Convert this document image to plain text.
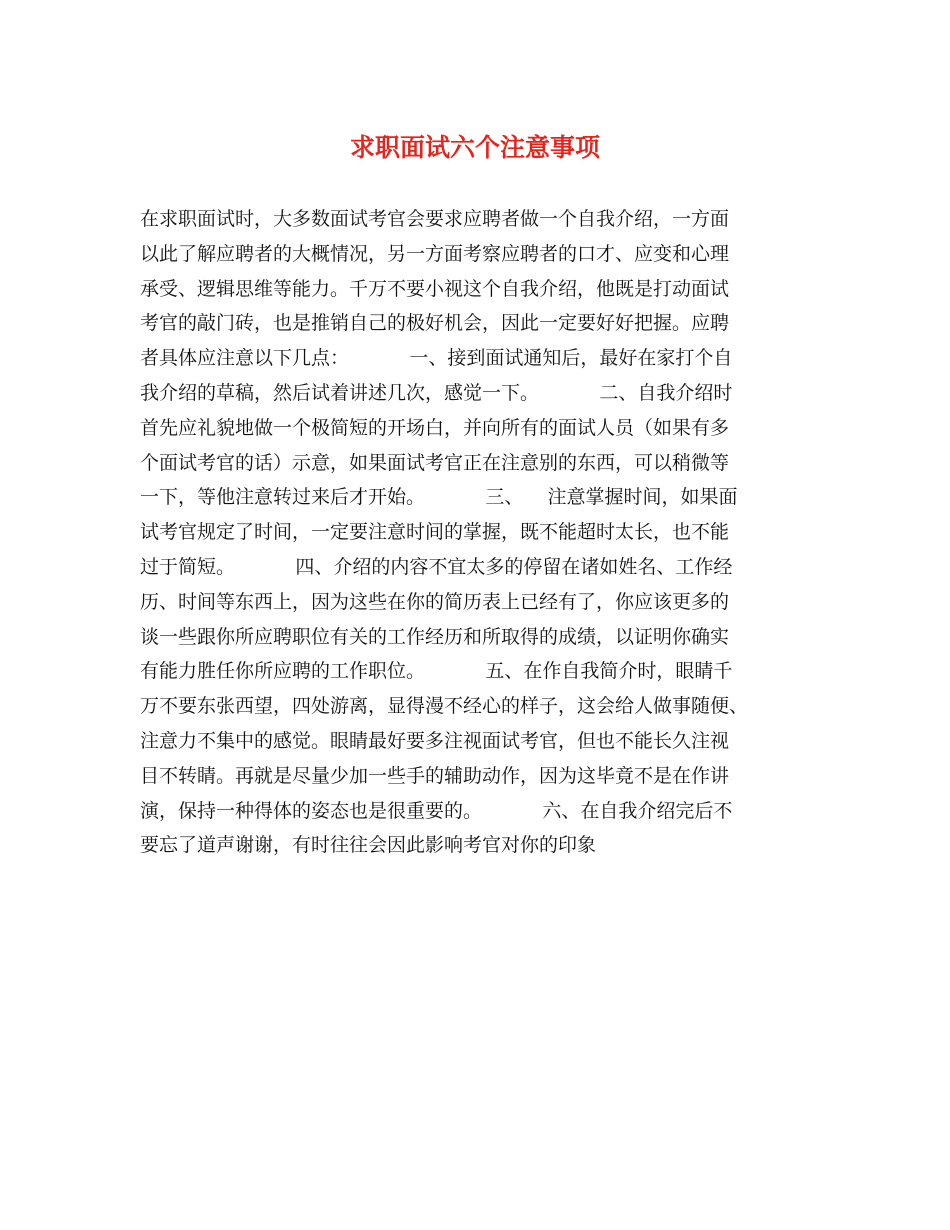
求职面试六个注意事项
在求职面试时，大多数面试考官会要求应聘者做一个自我介绍，一方面
以此了解应聘者的大概情况，另一方面考察应聘者的口才、应变和心理
承受、逻辑思维等能力。千万不要小视这个自我介绍，他既是打动面试
考官的敲门砖，也是推销自己的极好机会，因此一定要好好把握。应聘
者具体应注意以下几点：          一、接到面试通知后，最好在家打个自
我介绍的草稿，然后试着讲述几次，感觉一下。          二、自我介绍时
首先应礼貌地做一个极简短的开场白，并向所有的面试人员（如果有多
个面试考官的话）示意，如果面试考官正在注意别的东西，可以稍微等
一下，等他注意转过来后才开始。          三、    注意掌握时间，如果面
试考官规定了时间，一定要注意时间的掌握，既不能超时太长，也不能
过于简短。          四、介绍的内容不宜太多的停留在诸如姓名、工作经
历、时间等东西上，因为这些在你的简历表上已经有了，你应该更多的
谈一些跟你所应聘职位有关的工作经历和所取得的成绩，以证明你确实
有能力胜任你所应聘的工作职位。          五、在作自我简介时，眼睛千
万不要东张西望，四处游离，显得漫不经心的样子，这会给人做事随便、
注意力不集中的感觉。眼睛最好要多注视面试考官，但也不能长久注视
目不转睛。再就是尽量少加一些手的辅助动作，因为这毕竟不是在作讲
演，保持一种得体的姿态也是很重要的。          六、在自我介绍完后不
要忘了道声谢谢，有时往往会因此影响考官对你的印象
